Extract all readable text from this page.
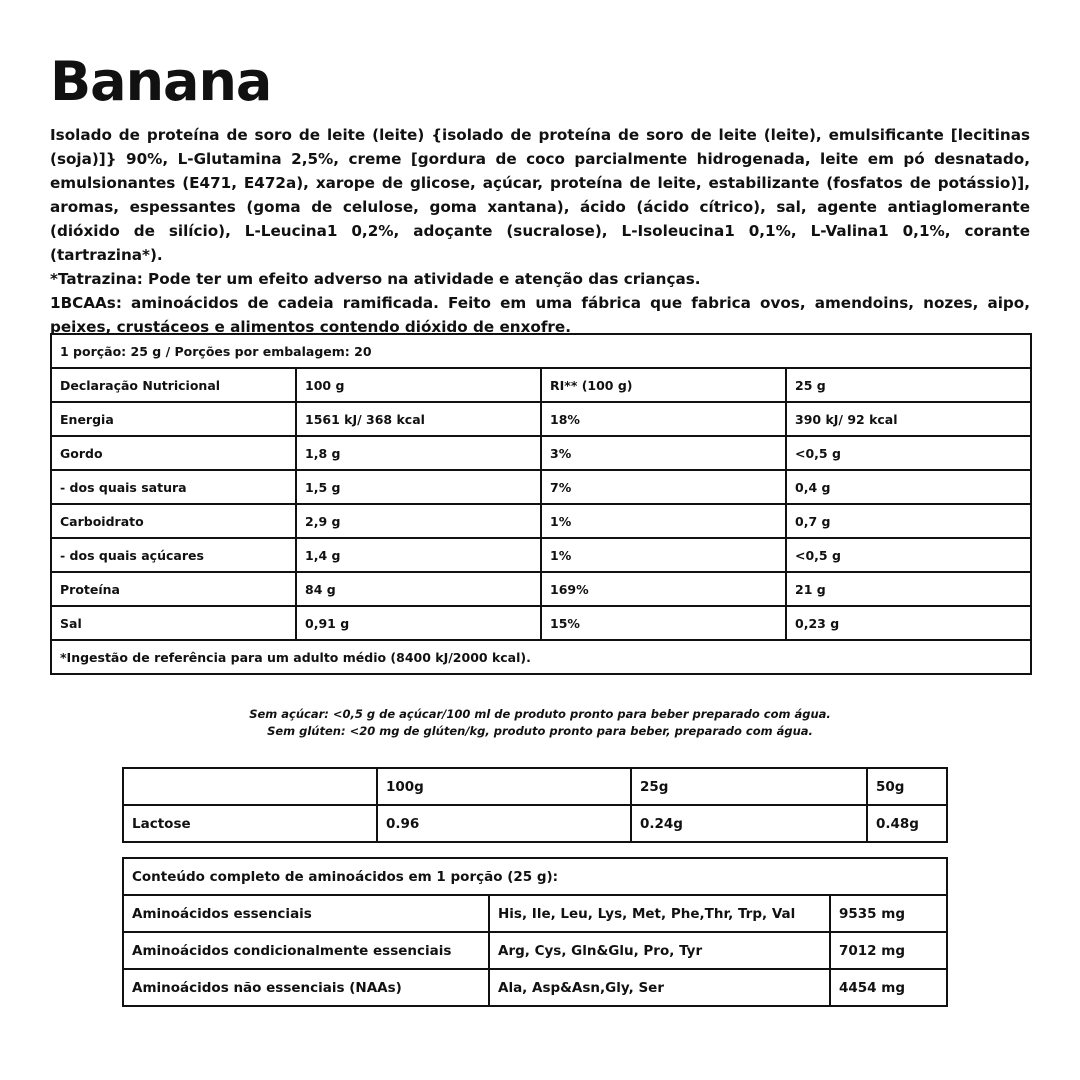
Banana

Isolado de proteína de soro de leite (leite) {isolado de proteína de soro de leite (leite), emulsificante [lecitinas (soja)]} 90%, L-Glutamina 2,5%, creme [gordura de coco parcialmente hidrogenada, leite em pó desnatado, emulsionantes (E471, E472a), xarope de glicose, açúcar, proteína de leite, estabilizante (fosfatos de potássio)], aromas, espessantes (goma de celulose, goma xantana), ácido (ácido cítrico), sal, agente antiaglomerante (dióxido de silício), L-Leucina1 0,2%, adoçante (sucralose), L-Isoleucina1 0,1%, L-Valina1 0,1%, corante (tartrazina*).

*Tatrazina: Pode ter um efeito adverso na atividade e atenção das crianças.

1BCAAs: aminoácidos de cadeia ramificada. Feito em uma fábrica que fabrica ovos, amendoins, nozes, aipo, peixes, crustáceos e alimentos contendo dióxido de enxofre.

1 porção: 25 g / Porções por embalagem: 20			
Declaração Nutricional	100 g	RI** (100 g)	25 g
Energia	1561 kJ/ 368 kcal	18%	390 kJ/ 92 kcal
Gordo	1,8 g	3%	<0,5 g
- dos quais satura	1,5 g	7%	0,4 g
Carboidrato	2,9 g	1%	0,7 g
- dos quais açúcares	1,4 g	1%	<0,5 g
Proteína	84 g	169%	21 g
Sal	0,91 g	15%	0,23 g
*Ingestão de referência para um adulto médio (8400 kJ/2000 kcal).			
Sem açúcar: <0,5 g de açúcar/100 ml de produto pronto para beber preparado com água.
Sem glúten: <20 mg de glúten/kg, produto pronto para beber, preparado com água.
	100g	25g	50g
Lactose	0.96	0.24g	0.48g
Conteúdo completo de aminoácidos em 1 porção (25 g):		
Aminoácidos essenciais	His, Ile, Leu, Lys, Met, Phe,Thr, Trp, Val	9535 mg
Aminoácidos condicionalmente essenciais	Arg, Cys, Gln&Glu, Pro, Tyr	7012 mg
Aminoácidos não essenciais (NAAs)	Ala, Asp&Asn,Gly, Ser	4454 mg
